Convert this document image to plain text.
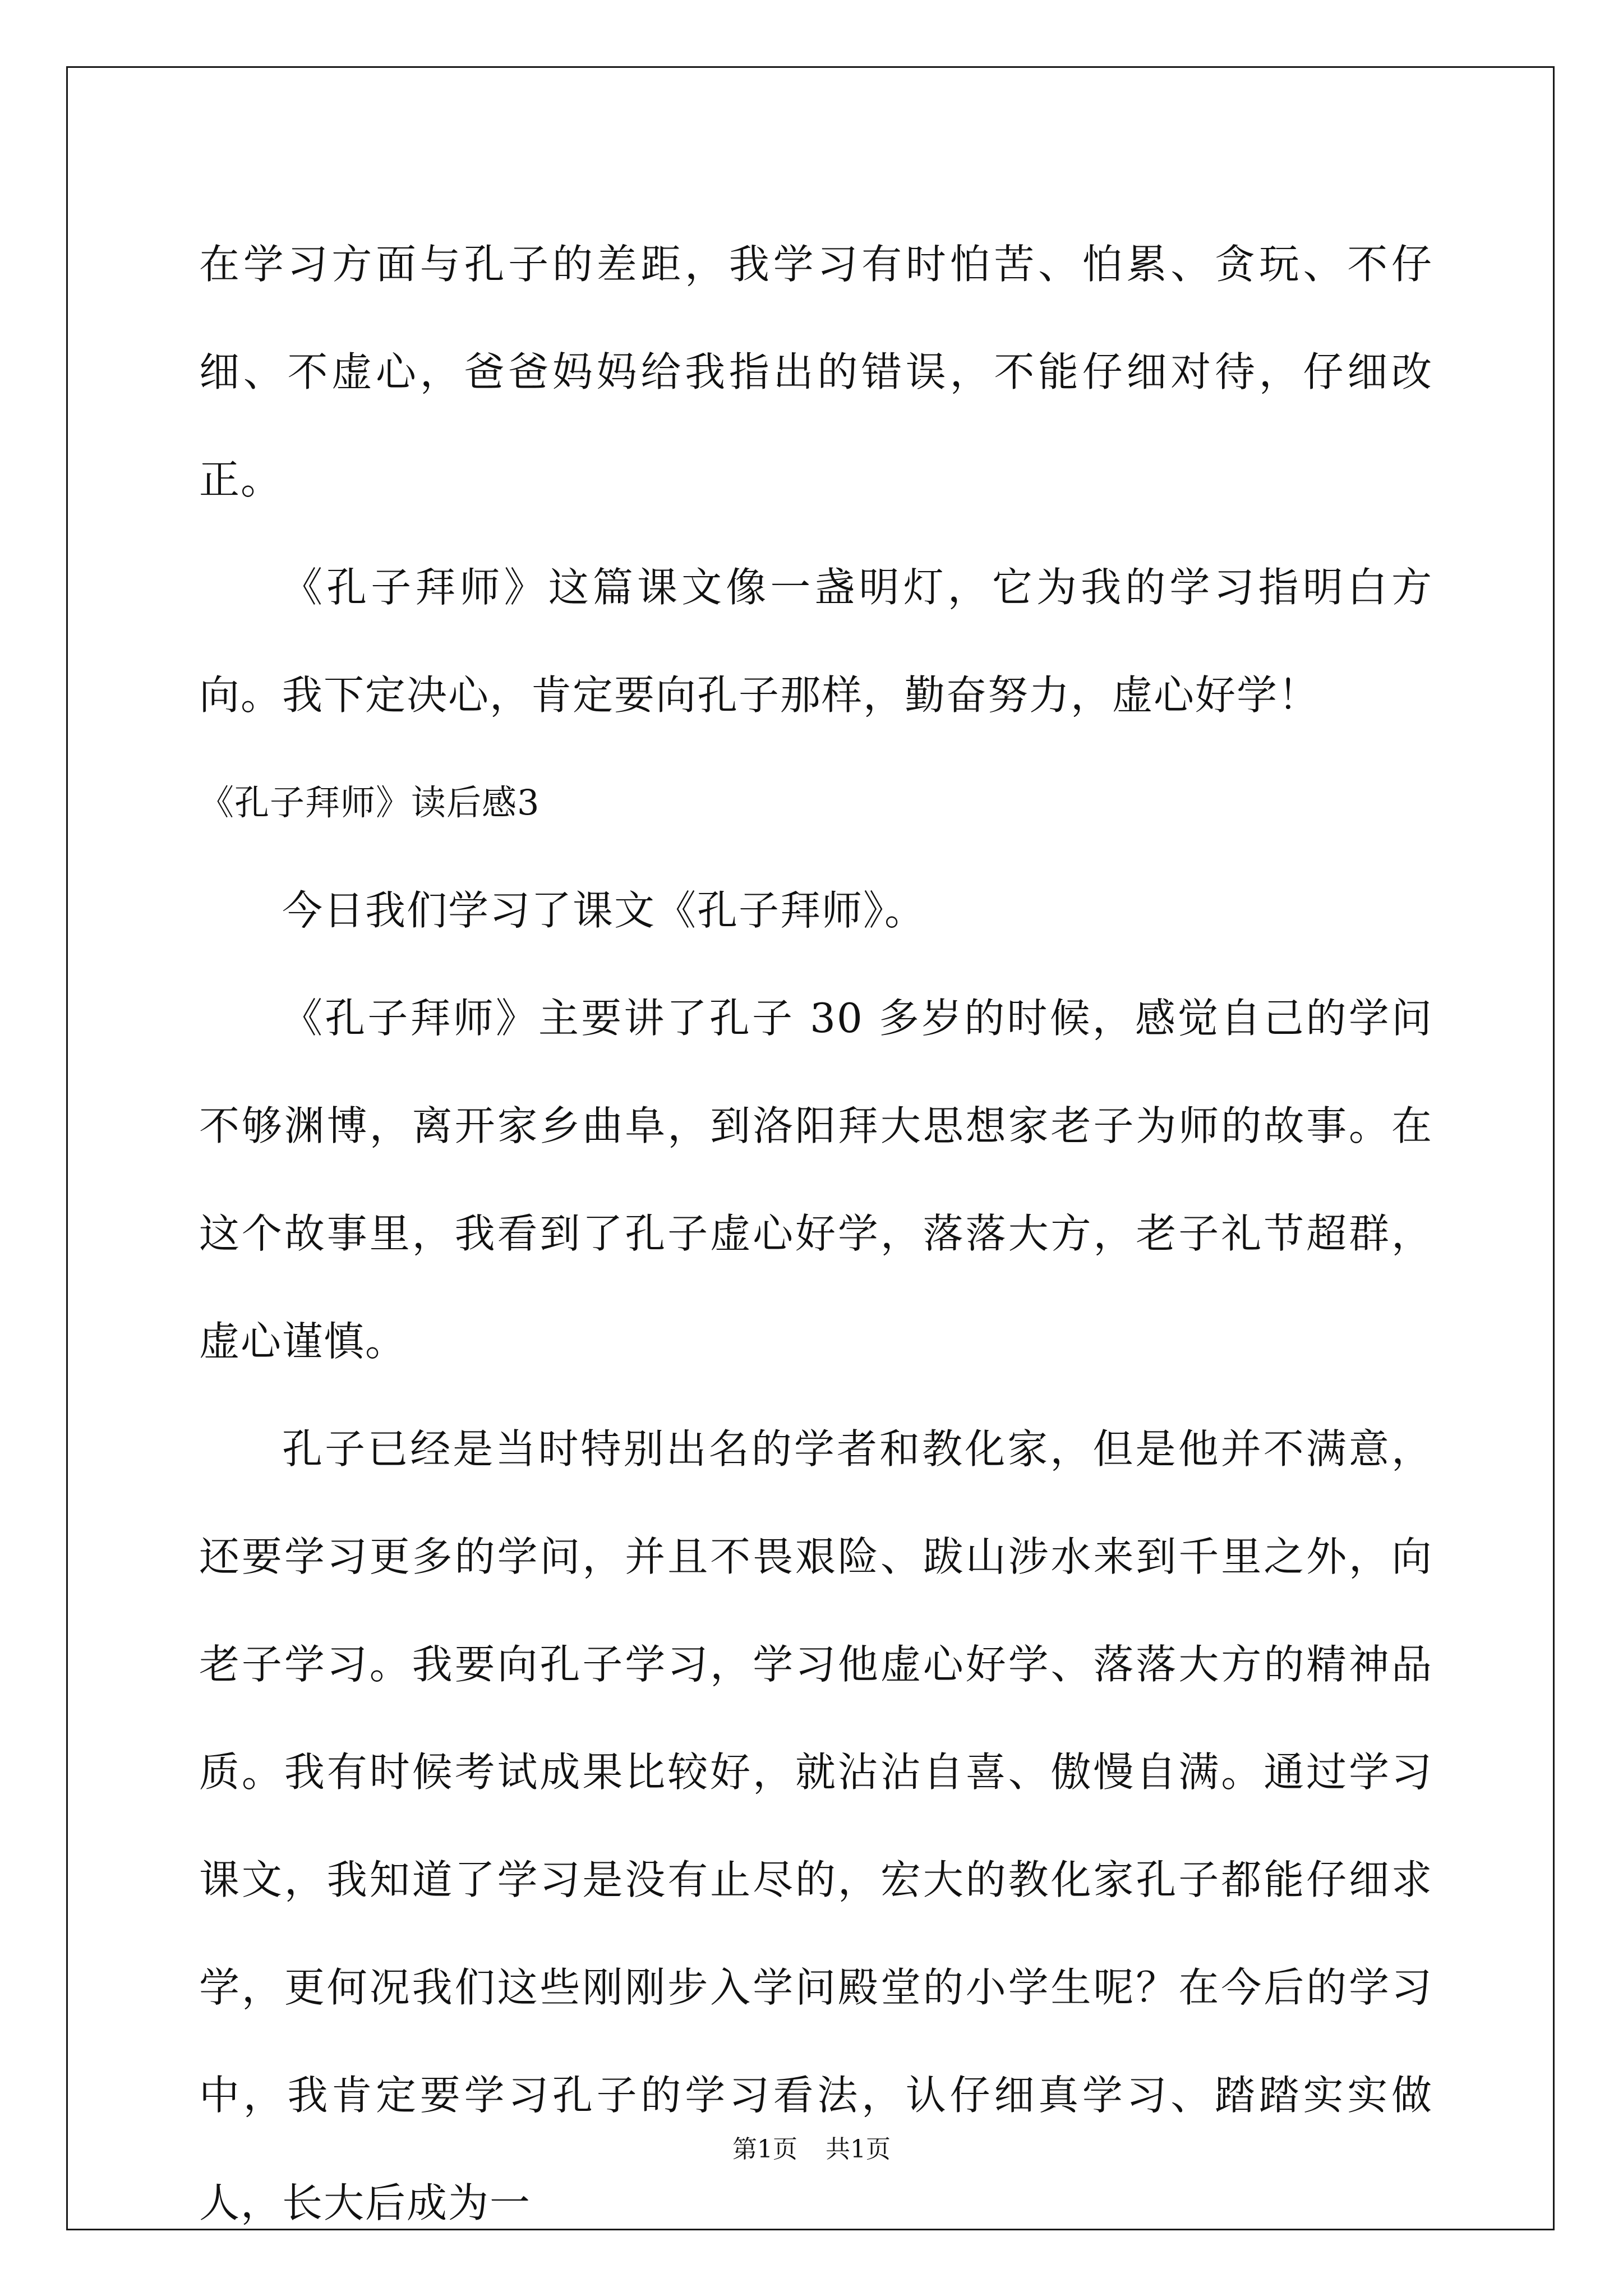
在学习方面与孔子的差距，我学习有时怕苦、怕累、贪玩、不仔细、不虚心，爸爸妈妈给我指出的错误，不能仔细对待，仔细改正。

《孔子拜师》这篇课文像一盏明灯，它为我的学习指明白方向。我下定决心，肯定要向孔子那样，勤奋努力，虚心好学！

《孔子拜师》读后感3

今日我们学习了课文《孔子拜师》。

《孔子拜师》主要讲了孔子 30 多岁的时候，感觉自己的学问不够渊博，离开家乡曲阜，到洛阳拜大思想家老子为师的故事。在这个故事里，我看到了孔子虚心好学，落落大方，老子礼节超群，虚心谨慎。

孔子已经是当时特别出名的学者和教化家，但是他并不满意，还要学习更多的学问，并且不畏艰险、跋山涉水来到千里之外，向老子学习。我要向孔子学习，学习他虚心好学、落落大方的精神品质。我有时候考试成果比较好，就沾沾自喜、傲慢自满。通过学习课文，我知道了学习是没有止尽的，宏大的教化家孔子都能仔细求学，更何况我们这些刚刚步入学问殿堂的小学生呢？在今后的学习中，我肯定要学习孔子的学习看法，认仔细真学习、踏踏实实做人，长大后成为一

第1页 共1页
